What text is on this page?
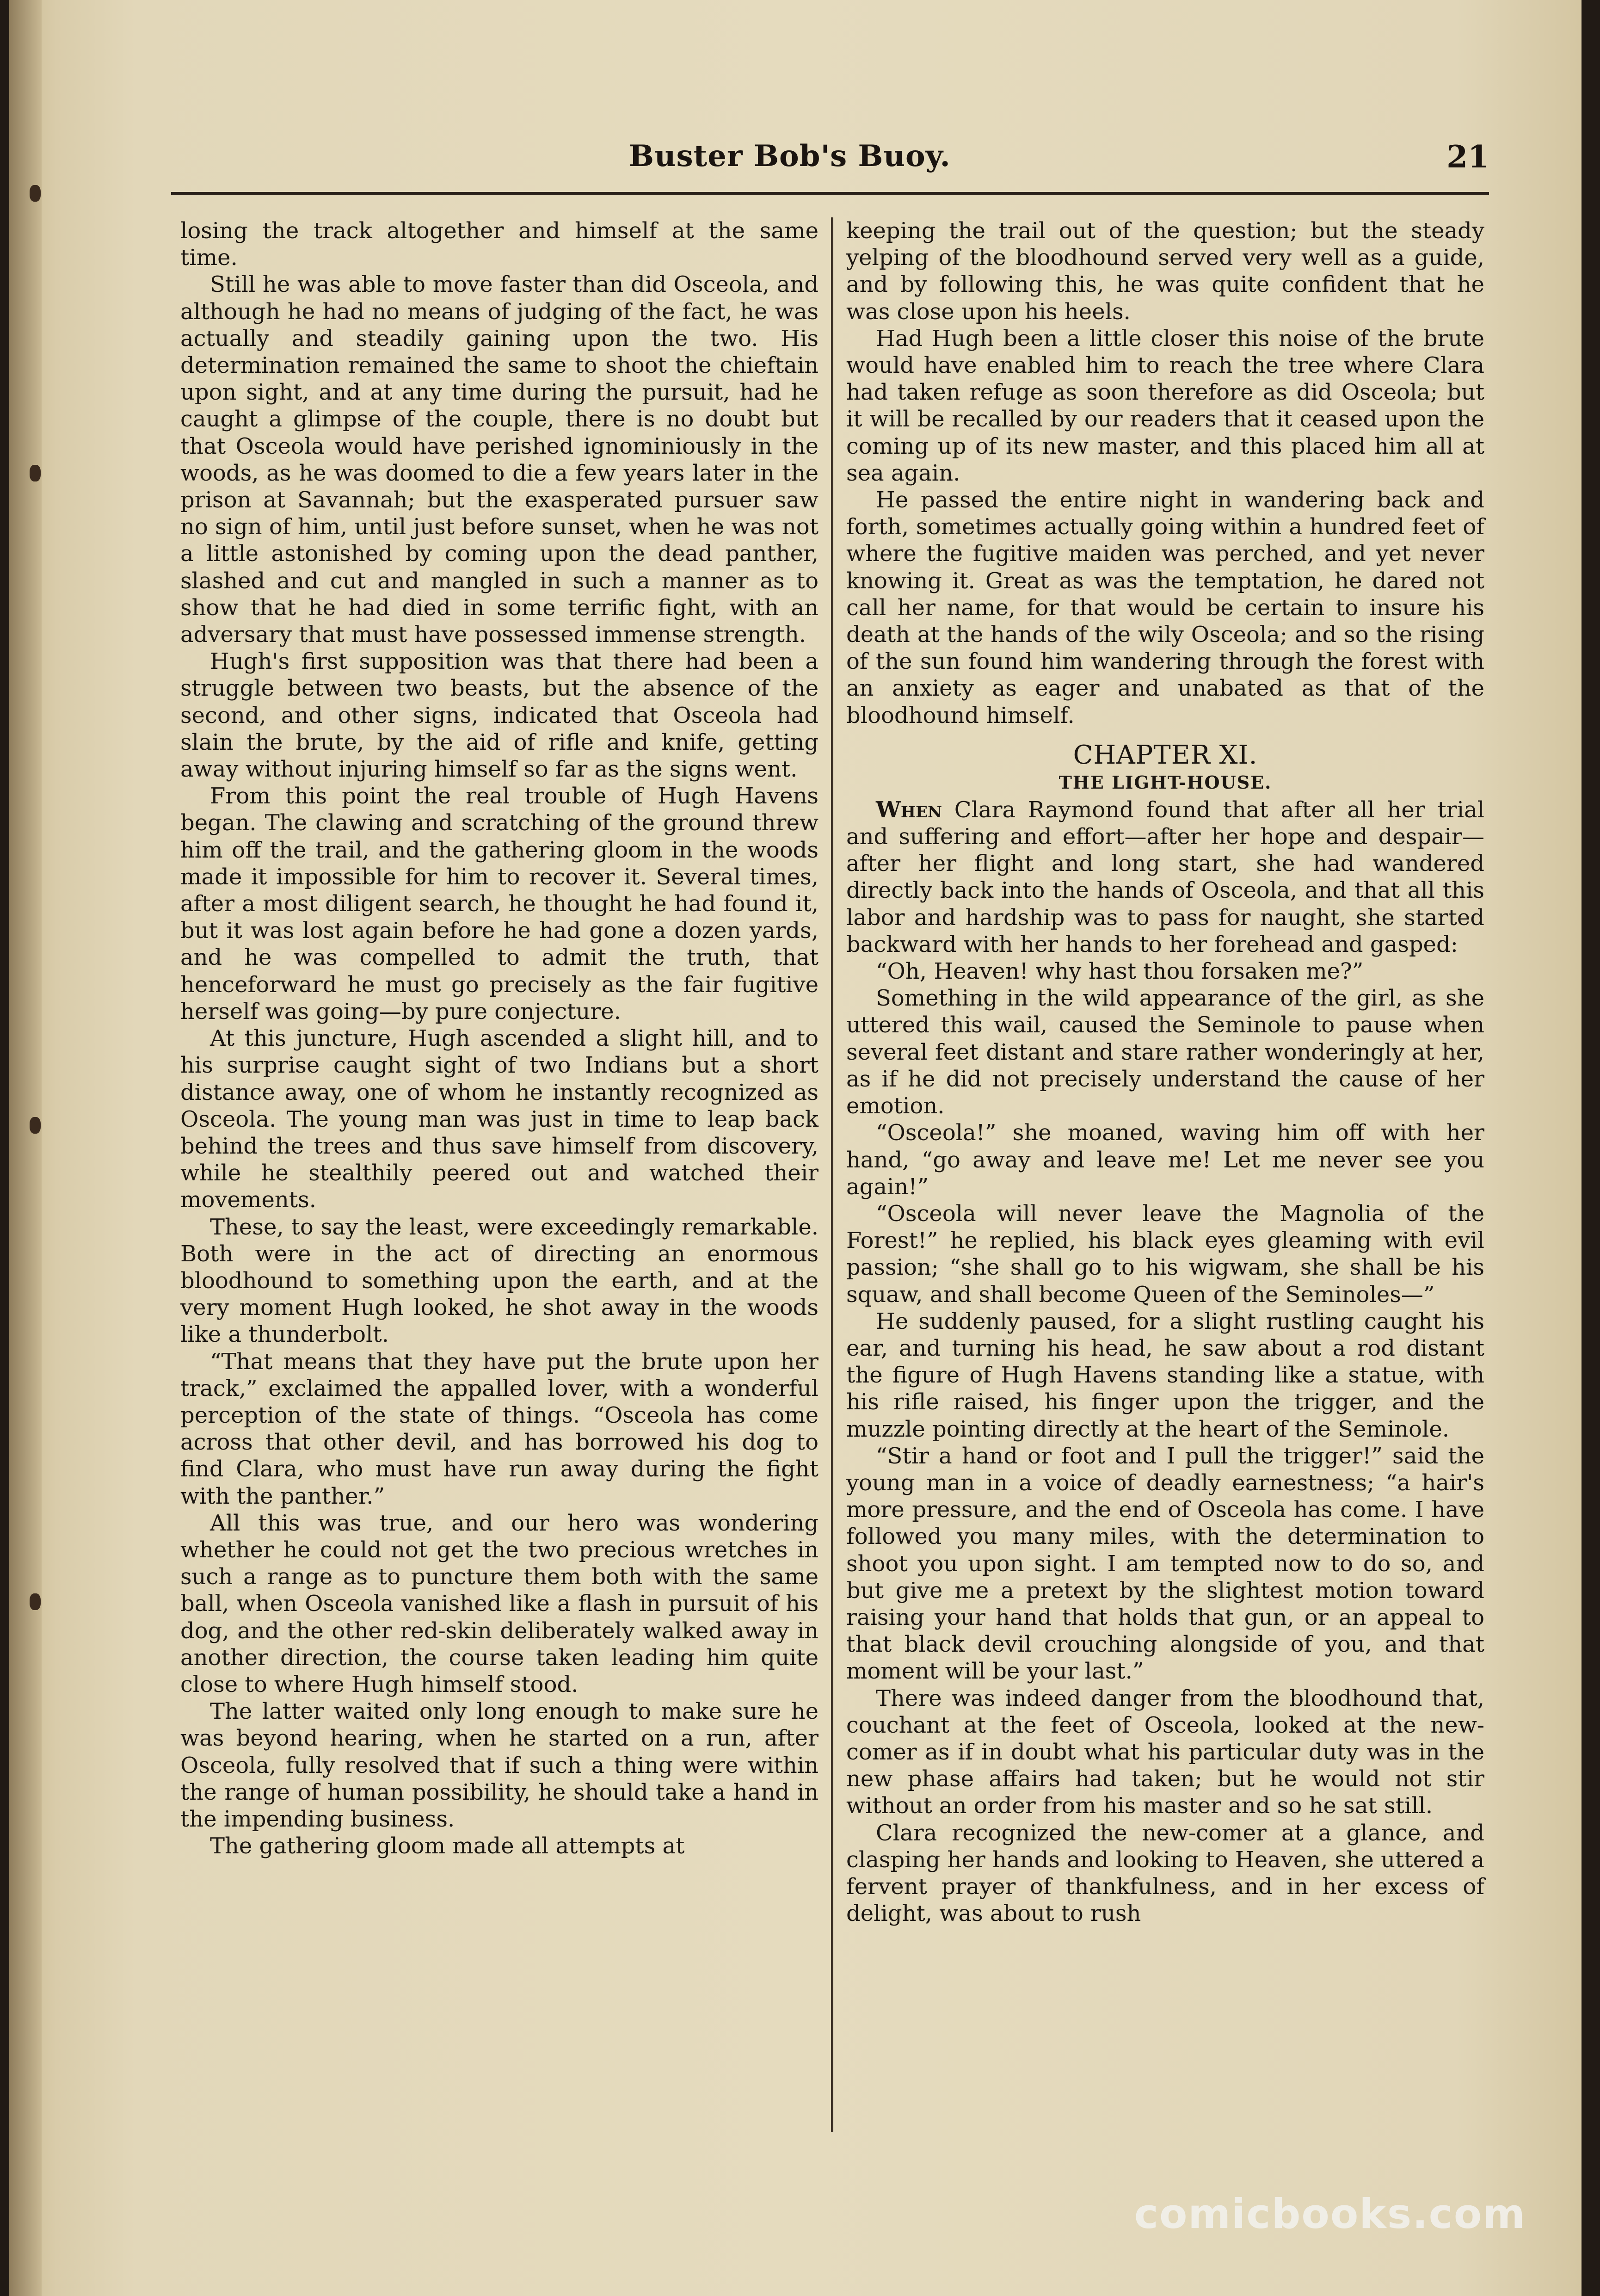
Buster Bob's Buoy.	21

losing the track altogether and himself at the same time.

Still he was able to move faster than did Osceola, and although he had no means of judging of the fact, he was actually and steadily gaining upon the two. His determination remained the same to shoot the chieftain upon sight, and at any time during the pursuit, had he caught a glimpse of the couple, there is no doubt but that Osceola would have perished ignominiously in the woods, as he was doomed to die a few years later in the prison at Savannah; but the exasperated pursuer saw no sign of him, until just before sunset, when he was not a little astonished by coming upon the dead panther, slashed and cut and mangled in such a manner as to show that he had died in some terrific fight, with an adversary that must have possessed immense strength.

Hugh's first supposition was that there had been a struggle between two beasts, but the absence of the second, and other signs, indicated that Osceola had slain the brute, by the aid of rifle and knife, getting away without injuring himself so far as the signs went.

From this point the real trouble of Hugh Havens began. The clawing and scratching of the ground threw him off the trail, and the gathering gloom in the woods made it impossible for him to recover it. Several times, after a most diligent search, he thought he had found it, but it was lost again before he had gone a dozen yards, and he was compelled to admit the truth, that henceforward he must go precisely as the fair fugitive herself was going—by pure conjecture.

At this juncture, Hugh ascended a slight hill, and to his surprise caught sight of two Indians but a short distance away, one of whom he instantly recognized as Osceola. The young man was just in time to leap back behind the trees and thus save himself from discovery, while he stealthily peered out and watched their movements.

These, to say the least, were exceedingly remarkable. Both were in the act of directing an enormous bloodhound to something upon the earth, and at the very moment Hugh looked, he shot away in the woods like a thunderbolt.

“That means that they have put the brute upon her track,” exclaimed the appalled lover, with a wonderful perception of the state of things. “Osceola has come across that other devil, and has borrowed his dog to find Clara, who must have run away during the fight with the panther.”

All this was true, and our hero was wondering whether he could not get the two precious wretches in such a range as to puncture them both with the same ball, when Osceola vanished like a flash in pursuit of his dog, and the other red-skin deliberately walked away in another direction, the course taken leading him quite close to where Hugh himself stood.

The latter waited only long enough to make sure he was beyond hearing, when he started on a run, after Osceola, fully resolved that if such a thing were within the range of human possibility, he should take a hand in the impending business.

The gathering gloom made all attempts at

keeping the trail out of the question; but the steady yelping of the bloodhound served very well as a guide, and by following this, he was quite confident that he was close upon his heels.

Had Hugh been a little closer this noise of the brute would have enabled him to reach the tree where Clara had taken refuge as soon therefore as did Osceola; but it will be recalled by our readers that it ceased upon the coming up of its new master, and this placed him all at sea again.

He passed the entire night in wandering back and forth, sometimes actually going within a hundred feet of where the fugitive maiden was perched, and yet never knowing it. Great as was the temptation, he dared not call her name, for that would be certain to insure his death at the hands of the wily Osceola; and so the rising of the sun found him wandering through the forest with an anxiety as eager and unabated as that of the bloodhound himself.

CHAPTER XI.
THE LIGHT-HOUSE.

When Clara Raymond found that after all her trial and suffering and effort—after her hope and despair—after her flight and long start, she had wandered directly back into the hands of Osceola, and that all this labor and hardship was to pass for naught, she started backward with her hands to her forehead and gasped:

“Oh, Heaven! why hast thou forsaken me?”

Something in the wild appearance of the girl, as she uttered this wail, caused the Seminole to pause when several feet distant and stare rather wonderingly at her, as if he did not precisely understand the cause of her emotion.

“Osceola!” she moaned, waving him off with her hand, “go away and leave me! Let me never see you again!”

“Osceola will never leave the Magnolia of the Forest!” he replied, his black eyes gleaming with evil passion; “she shall go to his wigwam, she shall be his squaw, and shall become Queen of the Seminoles—”

He suddenly paused, for a slight rustling caught his ear, and turning his head, he saw about a rod distant the figure of Hugh Havens standing like a statue, with his rifle raised, his finger upon the trigger, and the muzzle pointing directly at the heart of the Seminole.

“Stir a hand or foot and I pull the trigger!” said the young man in a voice of deadly earnestness; “a hair's more pressure, and the end of Osceola has come. I have followed you many miles, with the determination to shoot you upon sight. I am tempted now to do so, and but give me a pretext by the slightest motion toward raising your hand that holds that gun, or an appeal to that black devil crouching alongside of you, and that moment will be your last.”

There was indeed danger from the bloodhound that, couchant at the feet of Osceola, looked at the new-comer as if in doubt what his particular duty was in the new phase affairs had taken; but he would not stir without an order from his master and so he sat still.

Clara recognized the new-comer at a glance, and clasping her hands and looking to Heaven, she uttered a fervent prayer of thankfulness, and in her excess of delight, was about to rush

comicbooks.com
